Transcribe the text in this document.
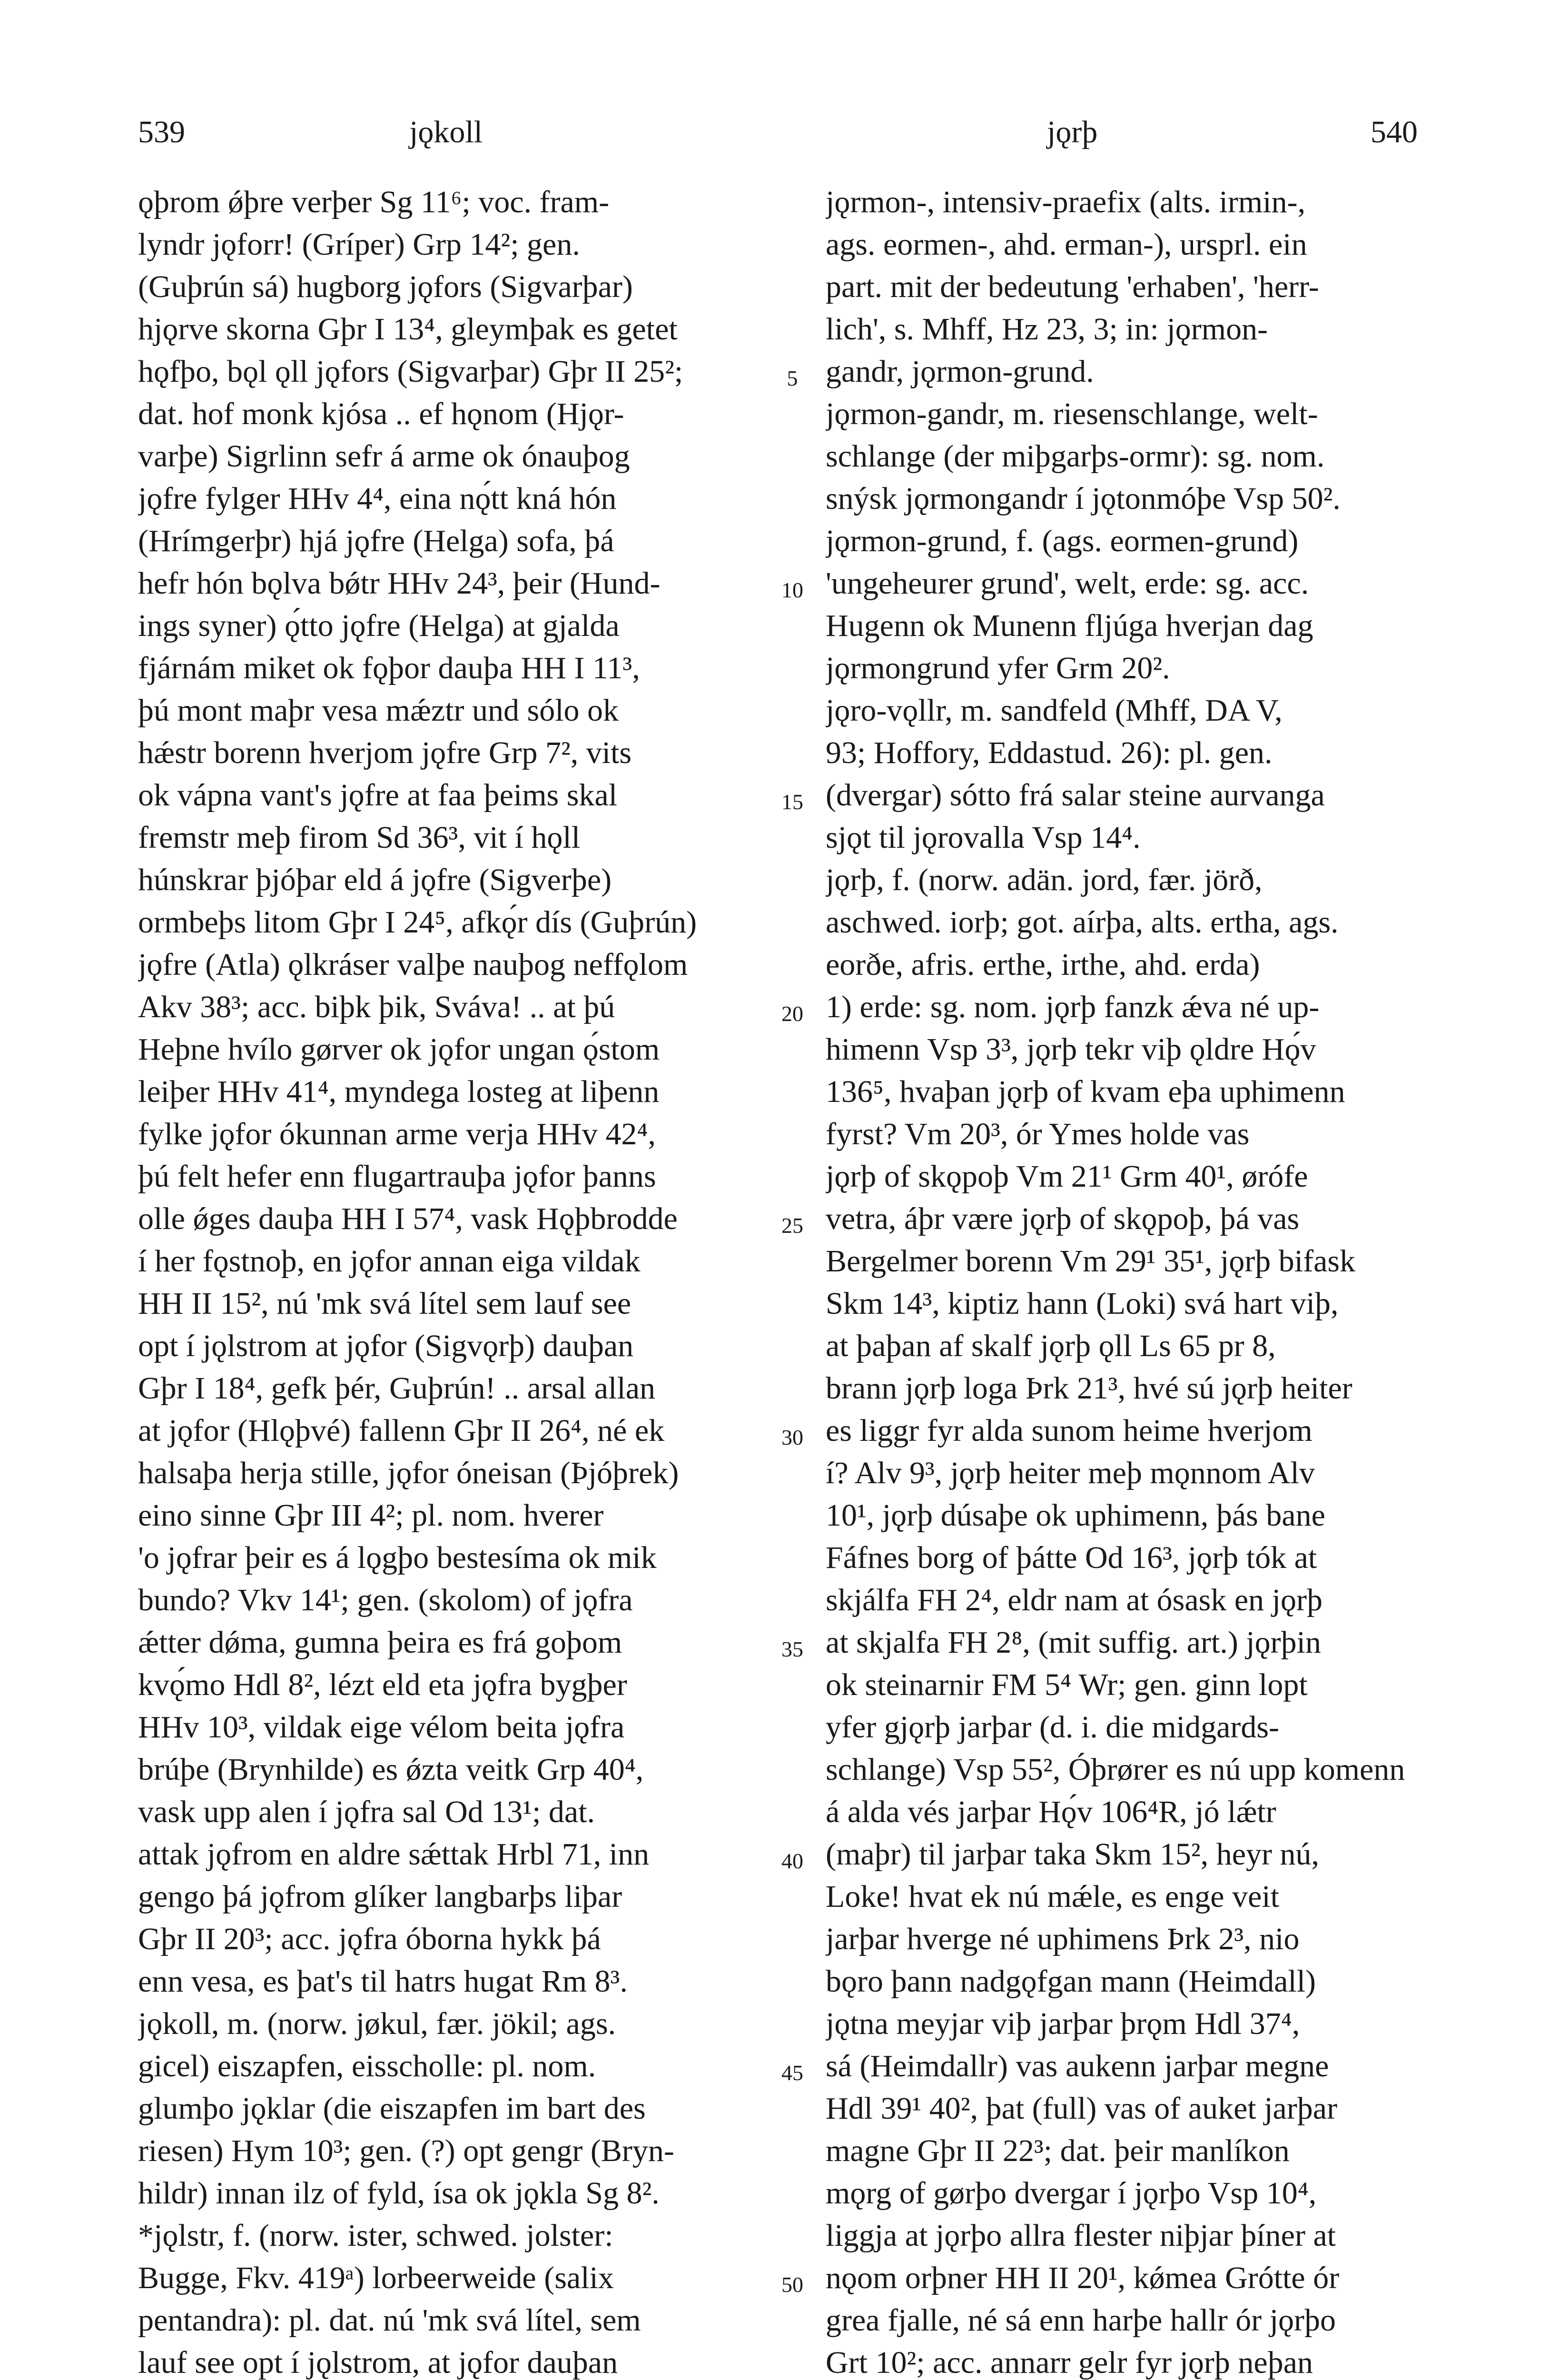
539	jǫkoll	jǫrþ	540
ǫþrom ǿþre verþer Sg 11⁶; voc. fram-
lyndr jǫforr! (Gríper) Grp 14²; gen.
(Guþrún sá) hugborg jǫfors (Sigvarþar)
hjǫrve skorna Gþr I 13⁴, gleymþak es getet
hǫfþo, bǫl ǫll jǫfors (Sigvarþar) Gþr II 25²;
dat. hof monk kjósa .. ef hǫnom (Hjǫr-
varþe) Sigrlinn sefr á arme ok ónauþog
jǫfre fylger HHv 4⁴, eina nǫ́tt kná hón
(Hrímgerþr) hjá jǫfre (Helga) sofa, þá
hefr hón bǫlva bǿtr HHv 24³, þeir (Hund-
ings syner) ǫ́tto jǫfre (Helga) at gjalda
fjárnám miket ok fǫþor dauþa HH I 11³,
þú mont maþr vesa mǽztr und sólo ok
hǽstr borenn hverjom jǫfre Grp 7², vits
ok vápna vant's jǫfre at faa þeims skal
fremstr meþ firom Sd 36³, vit í hǫll
húnskrar þjóþar eld á jǫfre (Sigverþe)
ormbeþs litom Gþr I 24⁵, afkǫ́r dís (Guþrún)
jǫfre (Atla) ǫlkráser valþe nauþog neffǫlom
Akv 38³; acc. biþk þik, Sváva! .. at þú
Heþne hvílo gørver ok jǫfor ungan ǫ́stom
leiþer HHv 41⁴, myndega losteg at liþenn
fylke jǫfor ókunnan arme verja HHv 42⁴,
þú felt hefer enn flugartrauþa jǫfor þanns
olle ǿges dauþa HH I 57⁴, vask Hǫþbrodde
í her fǫstnoþ, en jǫfor annan eiga vildak
HH II 15², nú 'mk svá lítel sem lauf see
opt í jǫlstrom at jǫfor (Sigvǫrþ) dauþan
Gþr I 18⁴, gefk þér, Guþrún! .. arsal allan
at jǫfor (Hlǫþvé) fallenn Gþr II 26⁴, né ek
halsaþa herja stille, jǫfor óneisan (Þjóþrek)
eino sinne Gþr III 4²; pl. nom. hverer
'o jǫfrar þeir es á lǫgþo bestesíma ok mik
bundo? Vkv 14¹; gen. (skolom) of jǫfra
ǽtter dǿma, gumna þeira es frá goþom
kvǫ́mo Hdl 8², lézt eld eta jǫfra bygþer
HHv 10³, vildak eige vélom beita jǫfra
brúþe (Brynhilde) es ǿzta veitk Grp 40⁴,
vask upp alen í jǫfra sal Od 13¹; dat.
attak jǫfrom en aldre sǽttak Hrbl 71, inn
gengo þá jǫfrom glíker langbarþs liþar
Gþr II 20³; acc. jǫfra óborna hykk þá
enn vesa, es þat's til hatrs hugat Rm 8³.
jǫkoll, m. (norw. jøkul, fær. jökil; ags.
gicel) eiszapfen, eisscholle: pl. nom.
glumþo jǫklar (die eiszapfen im bart des
riesen) Hym 10³; gen. (?) opt gengr (Bryn-
hildr) innan ilz of fyld, ísa ok jǫkla Sg 8².
*jǫlstr, f. (norw. ister, schwed. jolster:
Bugge, Fkv. 419ᵃ) lorbeerweide (salix
pentandra): pl. dat. nú 'mk svá lítel, sem
lauf see opt í jǫlstrom, at jǫfor dauþan
5
10
15
20
25
30
35
40
45
50
jǫrmon-, intensiv-praefix (alts. irmin-,
ags. eormen-, ahd. erman-), ursprl. ein
part. mit der bedeutung 'erhaben', 'herr-
lich', s. Mhff, Hz 23, 3; in: jǫrmon-
gandr, jǫrmon-grund.
jǫrmon-gandr, m. riesenschlange, welt-
schlange (der miþgarþs-ormr): sg. nom.
snýsk jǫrmongandr í jǫtonmóþe Vsp 50².
jǫrmon-grund, f. (ags. eormen-grund)
'ungeheurer grund', welt, erde: sg. acc.
Hugenn ok Munenn fljúga hverjan dag
jǫrmongrund yfer Grm 20².
jǫro-vǫllr, m. sandfeld (Mhff, DA V,
93; Hoffory, Eddastud. 26): pl. gen.
(dvergar) sótto frá salar steine aurvanga
sjǫt til jǫrovalla Vsp 14⁴.
jǫrþ, f. (norw. adän. jord, fær. jörð,
aschwed. iorþ; got. aírþa, alts. ertha, ags.
eorðe, afris. erthe, irthe, ahd. erda)
1) erde: sg. nom. jǫrþ fanzk ǽva né up-
himenn Vsp 3³, jǫrþ tekr viþ ǫldre Hǫ́v
136⁵, hvaþan jǫrþ of kvam eþa uphimenn
fyrst? Vm 20³, ór Ymes holde vas
jǫrþ of skǫpoþ Vm 21¹ Grm 40¹, ørófe
vetra, áþr være jǫrþ of skǫpoþ, þá vas
Bergelmer borenn Vm 29¹ 35¹, jǫrþ bifask
Skm 14³, kiptiz hann (Loki) svá hart viþ,
at þaþan af skalf jǫrþ ǫll Ls 65 pr 8,
brann jǫrþ loga Þrk 21³, hvé sú jǫrþ heiter
es liggr fyr alda sunom heime hverjom
í? Alv 9³, jǫrþ heiter meþ mǫnnom Alv
10¹, jǫrþ dúsaþe ok uphimenn, þás bane
Fáfnes borg of þátte Od 16³, jǫrþ tók at
skjálfa FH 2⁴, eldr nam at ósask en jǫrþ
at skjalfa FH 2⁸, (mit suffig. art.) jǫrþin
ok steinarnir FM 5⁴ Wr; gen. ginn lopt
yfer gjǫrþ jarþar (d. i. die midgards-
schlange) Vsp 55², Óþrører es nú upp komenn
á alda vés jarþar Hǫ́v 106⁴R, jó lǽtr
(maþr) til jarþar taka Skm 15², heyr nú,
Loke! hvat ek nú mǽle, es enge veit
jarþar hverge né uphimens Þrk 2³, nio
bǫro þann nadgǫfgan mann (Heimdall)
jǫtna meyjar viþ jarþar þrǫm Hdl 37⁴,
sá (Heimdallr) vas aukenn jarþar megne
Hdl 39¹ 40², þat (full) vas of auket jarþar
magne Gþr II 22³; dat. þeir manlíkon
mǫrg of gørþo dvergar í jǫrþo Vsp 10⁴,
liggja at jǫrþo allra flester niþjar þíner at
nǫom orþner HH II 20¹, kǿmea Grótte ór
grea fjalle, né sá enn harþe hallr ór jǫrþo
Grt 10²; acc. annarr gelr fyr jǫrþ neþan
